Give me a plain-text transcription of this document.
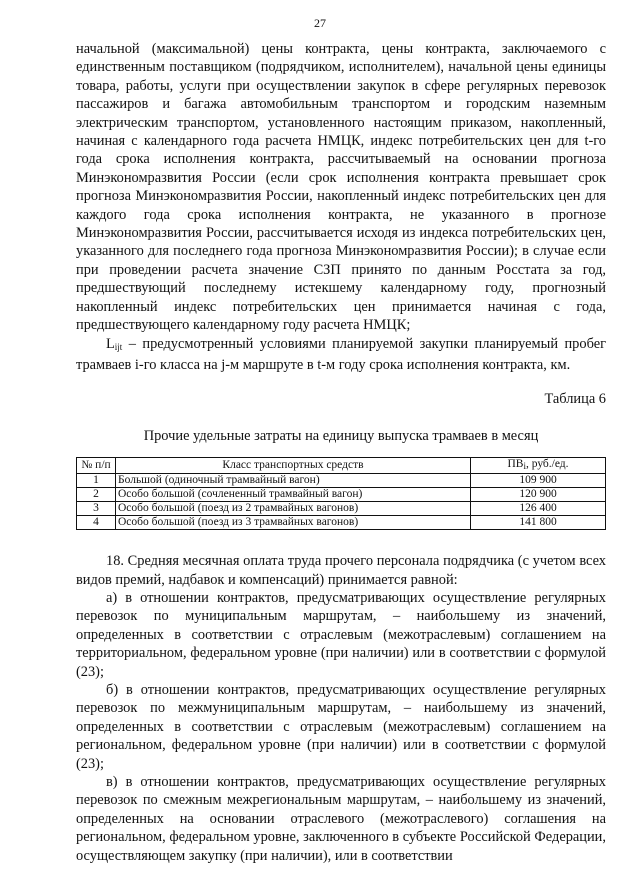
27

начальной (максимальной) цены контракта, цены контракта, заключаемого с единственным поставщиком (подрядчиком, исполнителем), начальной цены единицы товара, работы, услуги при осуществлении закупок в сфере регулярных перевозок пассажиров и багажа автомобильным транспортом и городским наземным электрическим транспортом, установленного настоящим приказом, накопленный, начиная с календарного года расчета НМЦК, индекс потребительских цен для t-го года срока исполнения контракта, рассчитываемый на основании прогноза Минэкономразвития России (если срок исполнения контракта превышает срок прогноза Минэкономразвития России, накопленный индекс потребительских цен для каждого года срока исполнения контракта, не указанного в прогнозе Минэкономразвития России, рассчитывается исходя из индекса потребительских цен, указанного для последнего года прогноза Минэкономразвития России); в случае если при проведении расчета значение СЗП принято по данным Росстата за год, предшествующий последнему истекшему календарному году, прогнозный накопленный индекс потребительских цен принимается начиная с года, предшествующего календарному году расчета НМЦК;

$L_{ijt}$ – предусмотренный условиями планируемой закупки планируемый пробег трамваев i-го класса на j-м маршруте в t-м году срока исполнения контракта, км.

Таблица 6

Прочие удельные затраты на единицу выпуска трамваев в месяц

№ п/п	Класс транспортных средств	$ПВ_i$, руб./ед.
1	Большой (одиночный трамвайный вагон)	109 900
2	Особо большой (сочлененный трамвайный вагон)	120 900
3	Особо большой (поезд из 2 трамвайных вагонов)	126 400
4	Особо большой (поезд из 3 трамвайных вагонов)	141 800

18. Средняя месячная оплата труда прочего персонала подрядчика (с учетом всех видов премий, надбавок и компенсаций) принимается равной:

а) в отношении контрактов, предусматривающих осуществление регулярных перевозок по муниципальным маршрутам, – наибольшему из значений, определенных в соответствии с отраслевым (межотраслевым) соглашением на территориальном, федеральном уровне (при наличии) или в соответствии с формулой (23);

б) в отношении контрактов, предусматривающих осуществление регулярных перевозок по межмуниципальным маршрутам, – наибольшему из значений, определенных в соответствии с отраслевым (межотраслевым) соглашением на региональном, федеральном уровне (при наличии) или в соответствии с формулой (23);

в) в отношении контрактов, предусматривающих осуществление регулярных перевозок по смежным межрегиональным маршрутам, – наибольшему из значений, определенных на основании отраслевого (межотраслевого) соглашения на региональном, федеральном уровне, заключенного в субъекте Российской Федерации, осуществляющем закупку (при наличии), или в соответствии
